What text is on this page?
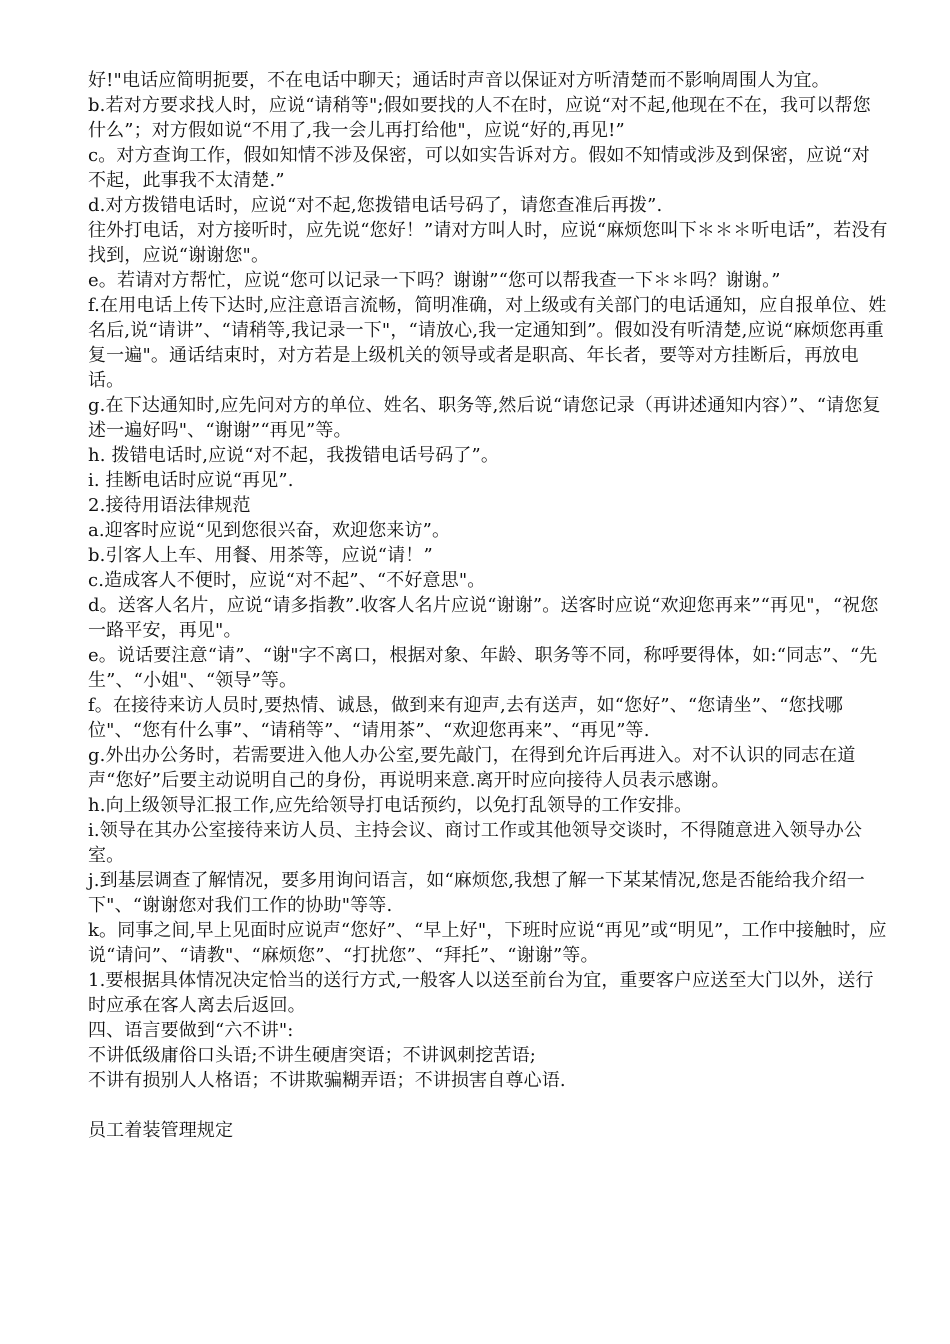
好!"电话应简明扼要，不在电话中聊天；通话时声音以保证对方听清楚而不影响周围人为宜。

b.若对方要求找人时，应说“请稍等";假如要找的人不在时，应说“对不起,他现在不在，我可以帮您什么”；对方假如说“不用了,我一会儿再打给他"，应说“好的,再见!”

c。对方查询工作，假如知情不涉及保密，可以如实告诉对方。假如不知情或涉及到保密，应说“对不起，此事我不太清楚.”

d.对方拨错电话时，应说“对不起,您拨错电话号码了，请您查准后再拨”.

往外打电话，对方接听时，应先说“您好！”请对方叫人时，应说“麻烦您叫下＊＊＊听电话”，若没有找到，应说“谢谢您"。

e。若请对方帮忙，应说“您可以记录一下吗？谢谢”“您可以帮我查一下＊＊吗？谢谢。”

f.在用电话上传下达时,应注意语言流畅，简明准确，对上级或有关部门的电话通知，应自报单位、姓名后,说“请讲”、“请稍等,我记录一下"，“请放心,我一定通知到”。假如没有听清楚,应说“麻烦您再重复一遍"。通话结束时，对方若是上级机关的领导或者是职高、年长者，要等对方挂断后，再放电话。

g.在下达通知时,应先问对方的单位、姓名、职务等,然后说“请您记录（再讲述通知内容）”、“请您复述一遍好吗"、“谢谢”“再见”等。

h. 拨错电话时,应说“对不起，我拨错电话号码了”。

i. 挂断电话时应说“再见”.

2.接待用语法律规范

a.迎客时应说“见到您很兴奋，欢迎您来访”。

b.引客人上车、用餐、用茶等，应说“请！”

c.造成客人不便时，应说“对不起”、“不好意思"。

d。送客人名片，应说“请多指教”.收客人名片应说“谢谢”。送客时应说“欢迎您再来”“再见"，“祝您一路平安，再见"。

e。说话要注意“请”、“谢"字不离口，根据对象、年龄、职务等不同，称呼要得体，如:“同志”、“先生”、“小姐"、“领导”等。

f。在接待来访人员时,要热情、诚恳，做到来有迎声,去有送声，如“您好”、“您请坐”、“您找哪位"、“您有什么事”、“请稍等”、“请用茶”、“欢迎您再来”、“再见”等.

g.外出办公务时，若需要进入他人办公室,要先敲门，在得到允许后再进入。对不认识的同志在道声“您好”后要主动说明自己的身份，再说明来意.离开时应向接待人员表示感谢。

h.向上级领导汇报工作,应先给领导打电话预约，以免打乱领导的工作安排。

i.领导在其办公室接待来访人员、主持会议、商讨工作或其他领导交谈时，不得随意进入领导办公室。

j.到基层调查了解情况，要多用询问语言，如“麻烦您,我想了解一下某某情况,您是否能给我介绍一下"、“谢谢您对我们工作的协助"等等.

k。同事之间,早上见面时应说声“您好”、“早上好"，下班时应说“再见”或“明见”，工作中接触时，应说“请问”、“请教"、“麻烦您”、“打扰您”、“拜托”、“谢谢”等。

1.要根据具体情况决定恰当的送行方式,一般客人以送至前台为宜，重要客户应送至大门以外，送行时应承在客人离去后返回。

四、语言要做到“六不讲":

不讲低级庸俗口头语;不讲生硬唐突语；不讲讽刺挖苦语;

不讲有损别人人格语；不讲欺骗糊弄语；不讲损害自尊心语.

员工着装管理规定
